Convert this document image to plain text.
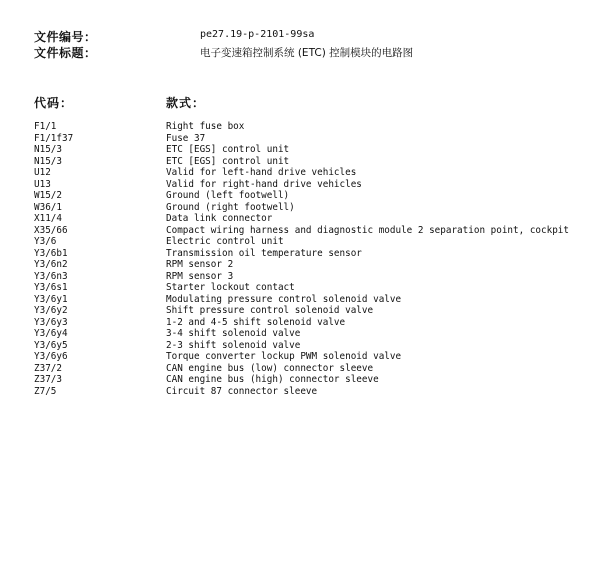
文件编号：	pe27.19-p-2101-99sa
文件标题：	电子变速箱控制系统 (ETC) 控制模块的电路图
代码：	款式：
F1/1	Right fuse box
F1/1f37	Fuse 37
N15/3	ETC [EGS] control unit
N15/3	ETC [EGS] control unit
U12	Valid for left-hand drive vehicles
U13	Valid for right-hand drive vehicles
W15/2	Ground (left footwell)
W36/1	Ground (right footwell)
X11/4	Data link connector
X35/66	Compact wiring harness and diagnostic module 2 separation point, cockpit
Y3/6	Electric control unit
Y3/6b1	Transmission oil temperature sensor
Y3/6n2	RPM sensor 2
Y3/6n3	RPM sensor 3
Y3/6s1	Starter lockout contact
Y3/6y1	Modulating pressure control solenoid valve
Y3/6y2	Shift pressure control solenoid valve
Y3/6y3	1-2 and 4-5 shift solenoid valve
Y3/6y4	3-4 shift solenoid valve
Y3/6y5	2-3 shift solenoid valve
Y3/6y6	Torque converter lockup PWM solenoid valve
Z37/2	CAN engine bus (low) connector sleeve
Z37/3	CAN engine bus (high) connector sleeve
Z7/5	Circuit 87 connector sleeve
